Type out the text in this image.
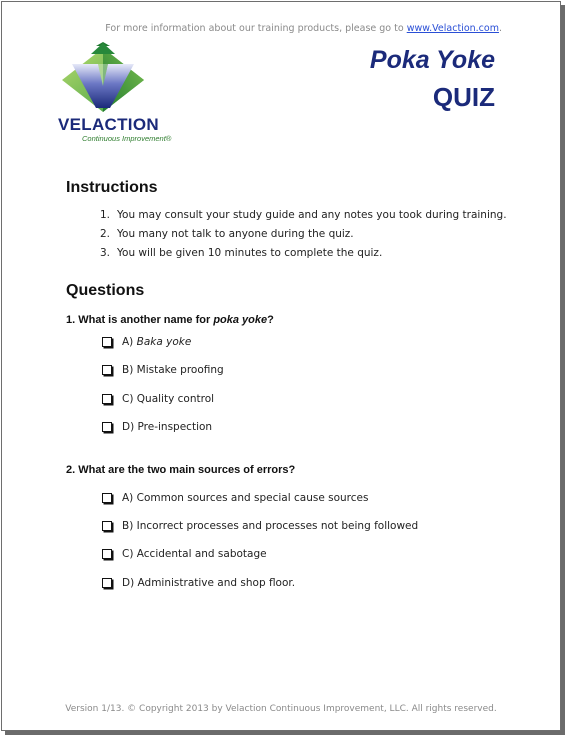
For more information about our training products, please go to www.Velaction.com.
VELACTION
Continuous Improvement®
Poka Yoke
QUIZ
Instructions
1. You may consult your study guide and any notes you took during training.
2. You many not talk to anyone during the quiz.
3. You will be given 10 minutes to complete the quiz.
Questions
1. What is another name for poka yoke?
A)
Baka yoke
B)
Mistake proofing
C)
Quality control
D)
Pre-inspection
2. What are the two main sources of errors?
A)
Common sources and special cause sources
B)
Incorrect processes and processes not being followed
C)
Accidental and sabotage
D)
Administrative and shop floor.
Version 1/13. © Copyright 2013 by Velaction Continuous Improvement, LLC. All rights reserved.
